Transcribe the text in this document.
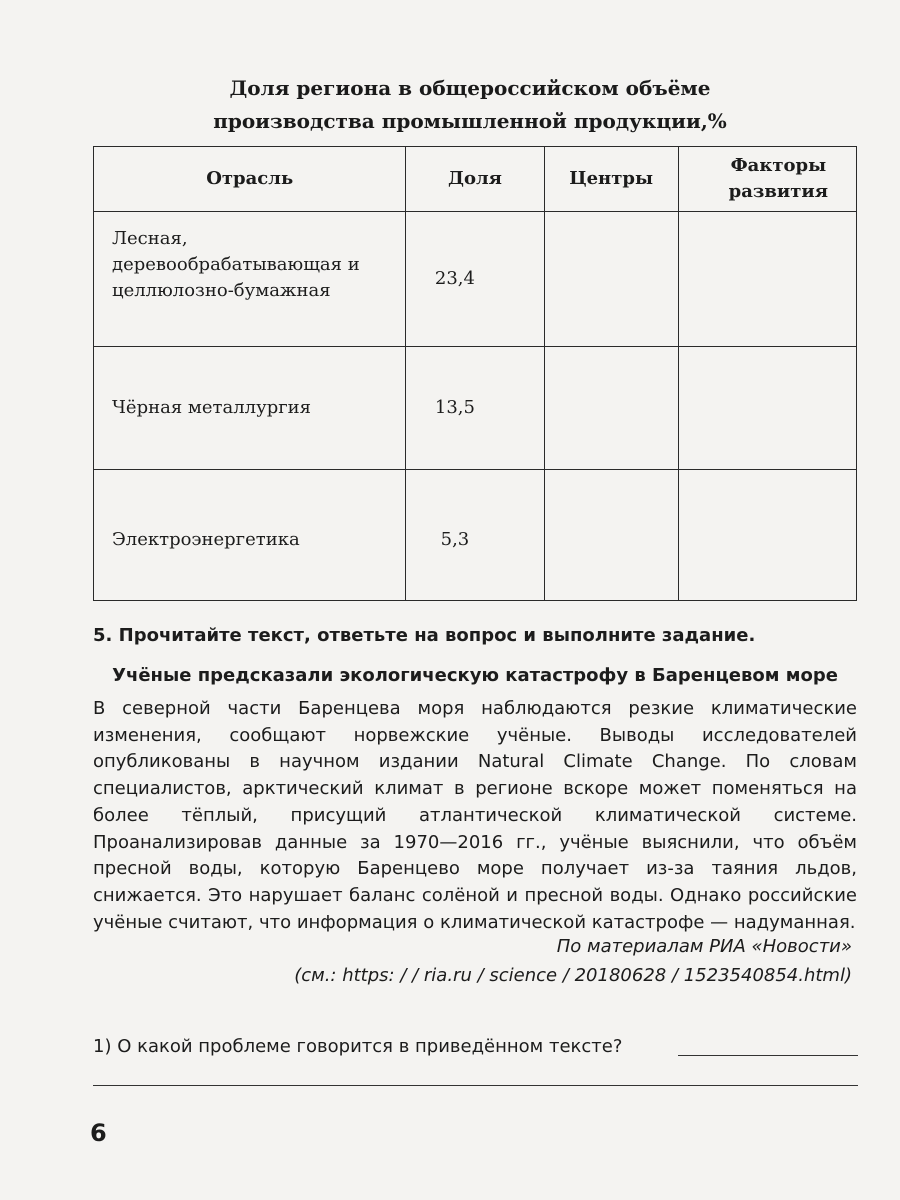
Доля региона в общероссийском объёме производства промышленной продукции,%
Отрасль	Доля	Центры	Факторы развития
Лесная, деревообрабатывающая и целлюлозно-бумажная	23,4		
Чёрная металлургия	13,5		
Электроэнергетика	5,3		
5. Прочитайте текст, ответьте на вопрос и выполните задание.
Учёные предсказали экологическую катастрофу в Баренцевом море
В северной части Баренцева моря наблюдаются резкие климатические изменения, сообщают норвежские учёные. Выводы исследователей опубликованы в научном издании Natural Climate Change. По словам специалистов, арктический климат в регионе вскоре может поменяться на более тёплый, присущий атлантической климатической системе. Проанализировав данные за 1970—2016 гг., учёные выяснили, что объём пресной воды, которую Баренцево море получает из-за таяния льдов, снижается. Это нарушает баланс солёной и пресной воды. Однако российские учёные считают, что информация о климатической катастрофе — надуманная.
По материалам РИА «Новости»
(см.: https: / / ria.ru / science / 20180628 / 1523540854.html)
1) О какой проблеме говорится в приведённом тексте?
6
